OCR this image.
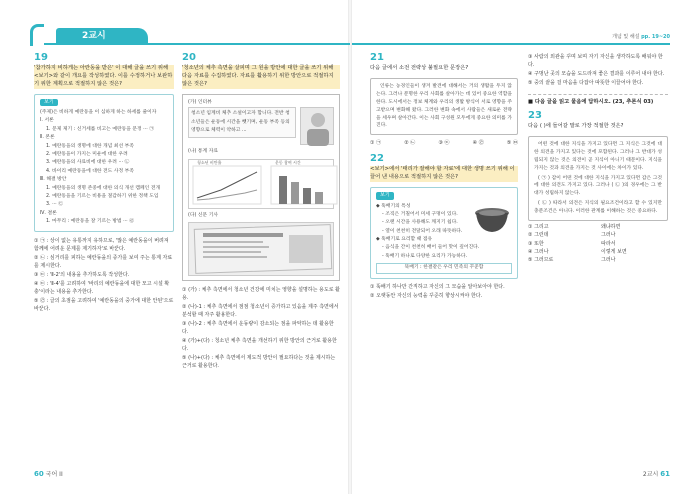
2교시	개념 및 해설 pp. 19~20
19
'참가하지 비하게는 아란동을 받은' 이 대해 글을 쓰기 위해 <보기>와 같이 개요를 작성하였다. 이를 수정하거나 보완하기 위한 계획으로 적절하지 않은 것은?
보기
(주제)은 비하게 예란동을 이 심하게 하는 하세를 줄이자
Ⅰ. 서론
1. 문제 제기 : 신거세를 비고는 예란동을 문정 ··· ㉠
Ⅱ. 본론
1. 예란동을의 생명에 대한 개념 최선 부족
2. 예란동을이 가지는 미운에 대한 우려
3. 예란동을의 사료비에 대한 우려 ··· ㉡
4. 바이리 예란동을에 대한 전도 사정 부족
Ⅲ. 해결 방안
1. 예란동을의 생명 존중에 대한 의식 개선 캠페인 전개
2. 예란동을을 기르는 비용을 절감하기 위한 정책 도입
3. ··· ㉢
Ⅳ. 결론
1. 마무리 : 예란동을 잘 기르는 방법 ··· ㉣
① ㉠ : 상이 없는 유통까지 유하므로, '많은 예란동을이 버려져 함께에 어려운 문제를 제기하자'로 바꾼다.
② ㉡ : 심거리를 피하는 예란동을의 증가를 보여 주는 통계 자료를 제시한다.
③ ㉢ : 'Ⅱ-2'의 내용을 추가하도록 작성한다.
④ ㉢ : 'Ⅱ-4'를 고려하여 '바리의 예란동을에 대한 모고 시설 확충'이라는 내용을 추가한다.
⑤ ㉣ : 글의 초점을 고려하여 '예란동을의 중가에 대한 안된'으로 바꾼다.
20
'청소년의 체추 측면을 살피며 그 원을 방안에 대한 글을 쓰기 위해 다음 자료를 수집하였다. 자료를 활용하기 위한 방안으로 적절하지 않은 것은?
(가) 인터뷰
청소년 임계비 체추 소설이고자 합니다. 전반 청소년들은 운동에 시간을 뺏기며, 운동 부족 등의 영향으로 체력이 약하고 ...
(나) 통계 자료
청소년 비만율	운동 참여 시간
(다) 신문 기사
① (가) : 체추 측면에서 청소년 건강에 미치는 영향을 설명하는 용도로 활용.
② (나)-1 : 체추 측면에서 점점 청소년이 증가하고 있음을 제주 측면에서 분석할 때 자주 활용한다.
③ (나)-2 : 체추 측면에서 운동량이 감소되는 점을 파악하는 데 활용한다.
④ (가)+(다) : 청소년 체추 측면을 개선하기 위한 방안의 근거로 활용한다.
⑤ (나)+(다) : 체추 측면에서 제도적 방안이 필요하다는 것을 제시하는 근거로 활용한다.
21
다음 글에서 소전 전략상 불필요한 문장은?
인류는 농경인들이 생겨 발견에 대해서는 거의 생활을 두지 않는다. 그러나 분명한 우리 사회를 살아가는 데 있어 중요한 역할을 한다. 도시에서는 정보 체계와 우리의 생활 방식이 서로 영향을 주고받으며 변화해 왔다. 그러한 변화 속에서 사람들은 새로운 전략을 세우며 살아간다. 이는 사회 구성원 모두에게 중요한 의미를 가진다.
① ㉠	② ㉡	③ ㉢	④ ㉣	⑤ ㉤
22
<보기>에서 '태리가 잘해야 할 자료'에 대한 생명 쓰기 위해 이끌어 낸 내용으로 적절하지 않은 것은?
보기
◆ 뚝배기의 특성
- 조직은 거칠어서 미세 구멍이 있다.
- 오랜 시간을 사용해도 깨지기 쉽다.
- 열이 천천히 전달되어 오래 따뜻하다.
◆ 뚝배기로 요리할 때 점유
- 음식을 간이 천천히 배어 들어 맛이 깊어진다.
- 뚝배기 하나로 다양한 요리가 가능하다.
뚝배기 : 한결같은 우리 민족의 꾸준함
① 뚝배기 하나만 간직하고 자신의 그 모습을 알아보아야 한다.
② 오랫동안 자신의 능력을 꾸준히 향상시켜야 한다.
③ 사람의 외관을 꾸며 보며 자기 자신을 생각하도록 배워야 한다.
④ 구멍난 곳의 모습을 도드라져 좋은 결과를 이루어 내야 한다.
⑤ 중의 끝을 걸 마음을 다잡아 따뜻한 이끌어야 한다.
■ 다음 글을 읽고 물음에 답하시오. (23, 추론식 03)
23
다음 ( )에 들어갈 말로 가장 적절한 것은?
어떤 것에 대한 지식을 가지고 있다면 그 지식은 그것에 대한 의견을 가지고 있다는 것에 포함된다. 그러나 그 반대가 성립되지 않는 것은 의견이 곧 지식이 아니기 때문이다. 지식을 가지는 것과 의견을 가지는 것 사이에는 차이가 있다.
( ㉠ ) 갑이 어떤 것에 대한 지식을 가지고 있다면 갑은 그것에 대한 의견도 가지고 있다. 그러나 ( ㉡ )의 경우에는 그 반대가 성립하지 않는다.
( ㉡ ) 따라서 의견은 지식의 필요조건이라고 할 수 있지만 충분조건은 아니다. 이러한 관계를 이해하는 것은 중요하다.
① 그리고	왜냐하면
② 그런데	그러나
③ 또한	따라서
④ 그러나	이렇게 보면
⑤ 그러므로	그러나
60 국어 II	2교시 61
